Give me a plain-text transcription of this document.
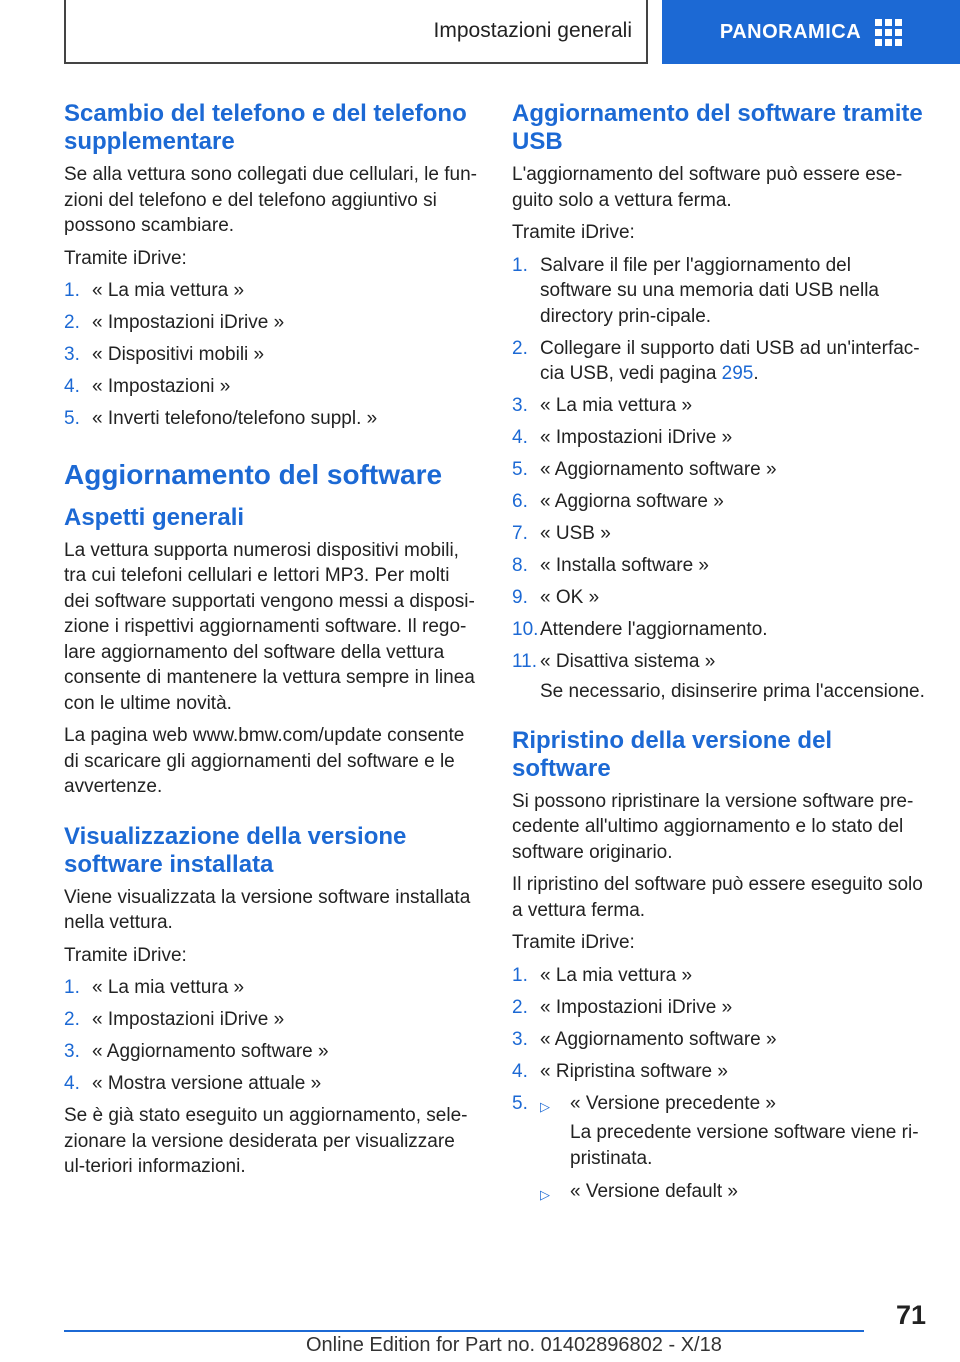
Impostazioni generali	PANORAMICA
Scambio del telefono e del telefono supplementare

Se alla vettura sono collegati due cellulari, le fun-zioni del telefono e del telefono aggiuntivo si possono scambiare.

Tramite iDrive:

1. « La mia vettura »
2. « Impostazioni iDrive »
3. « Dispositivi mobili »
4. « Impostazioni »
5. « Inverti telefono/telefono suppl. »
Aggiornamento del software
Aspetti generali

La vettura supporta numerosi dispositivi mobili, tra cui telefoni cellulari e lettori MP3. Per molti dei software supportati vengono messi a disposi-zione i rispettivi aggiornamenti software. Il rego-lare aggiornamento del software della vettura consente di mantenere la vettura sempre in linea con le ultime novità.

La pagina web www.bmw.com/update consente di scaricare gli aggiornamenti del software e le avvertenze.

Visualizzazione della versione software installata

Viene visualizzata la versione software installata nella vettura.

Tramite iDrive:

1. « La mia vettura »
2. « Impostazioni iDrive »
3. « Aggiornamento software »
4. « Mostra versione attuale »

Se è già stato eseguito un aggiornamento, sele-zionare la versione desiderata per visualizzare ul-teriori informazioni.

Aggiornamento del software tramite USB

L'aggiornamento del software può essere ese-guito solo a vettura ferma.

Tramite iDrive:

1. Salvare il file per l'aggiornamento del software su una memoria dati USB nella directory prin-cipale.
2. Collegare il supporto dati USB ad un'interfac-cia USB, vedi pagina 295.
3. « La mia vettura »
4. « Impostazioni iDrive »
5. « Aggiornamento software »
6. « Aggiorna software »
7. « USB »
8. « Installa software »
9. « OK »
10. Attendere l'aggiornamento.
11. « Disattiva sistema »
Se necessario, disinserire prima l'accensione.
Ripristino della versione del software

Si possono ripristinare la versione software pre-cedente all'ultimo aggiornamento e lo stato del software originario.

Il ripristino del software può essere eseguito solo a vettura ferma.

Tramite iDrive:

1. « La mia vettura »
2. « Impostazioni iDrive »
3. « Aggiornamento software »
4. « Ripristina software »
5. ▷	« Versione precedente »
La precedente versione software viene ri-pristinata.
▷	« Versione default »
71
Online Edition for Part no. 01402896802 - X/18
